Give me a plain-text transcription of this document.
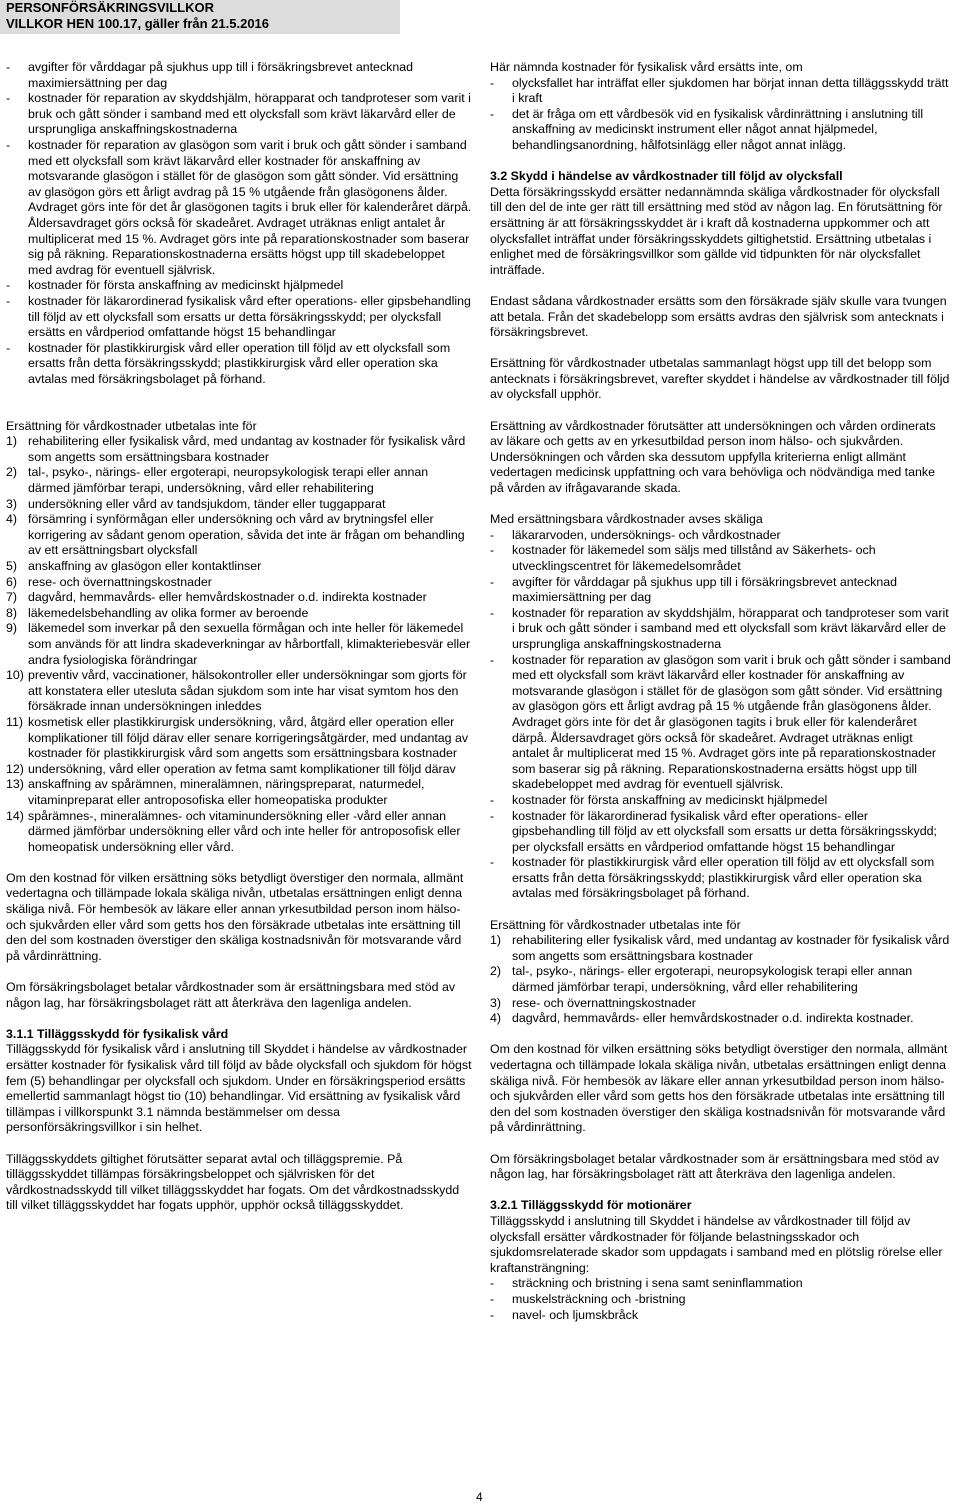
PERSONFÖRSÄKRINGSVILLKOR
VILLKOR HEN 100.17, gäller från 21.5.2016
- avgifter för vårddagar på sjukhus upp till i försäkringsbrevet antecknad maximiersättning per dag
- kostnader för reparation av skyddshjälm, hörapparat och tandproteser som varit i bruk och gått sönder i samband med ett olycksfall som krävt läkarvård eller de ursprungliga anskaffningskostnaderna
- kostnader för reparation av glasögon som varit i bruk och gått sönder i samband med ett olycksfall som krävt läkarvård eller kostnader för anskaffning av motsvarande glasögon i stället för de glasögon som gått sönder. Vid ersättning av glasögon görs ett årligt avdrag på 15 % utgående från glasögonens ålder. Avdraget görs inte för det år glasögonen tagits i bruk eller för kalenderåret därpå. Åldersavdraget görs också för skadeåret. Avdraget uträknas enligt antalet år multiplicerat med 15 %. Avdraget görs inte på reparationskostnader som baserar sig på räkning. Reparationskostnaderna ersätts högst upp till skadebeloppet med avdrag för eventuell självrisk.
- kostnader för första anskaffning av medicinskt hjälpmedel
- kostnader för läkarordinerad fysikalisk vård efter operations- eller gipsbehandling till följd av ett olycksfall som ersatts ur detta försäkringsskydd; per olycksfall ersätts en vårdperiod omfattande högst 15 behandlingar
- kostnader för plastikkirurgisk vård eller operation till följd av ett olycksfall som ersatts från detta försäkringsskydd; plastikkirurgisk vård eller operation ska avtalas med försäkringsbolaget på förhand.
Ersättning för vårdkostnader utbetalas inte för
1) rehabilitering eller fysikalisk vård, med undantag av kostnader för fysikalisk vård som angetts som ersättningsbara kostnader
2) tal-, psyko-, närings- eller ergoterapi, neuropsykologisk terapi eller annan därmed jämförbar terapi, undersökning, vård eller rehabilitering
3) undersökning eller vård av tandsjukdom, tänder eller tuggapparat
4) försämring i synförmågan eller undersökning och vård av brytningsfel eller korrigering av sådant genom operation, såvida det inte är frågan om behandling av ett ersättningsbart olycksfall
5) anskaffning av glasögon eller kontaktlinser
6) rese- och övernattningskostnader
7) dagvård, hemmavårds- eller hemvårdskostnader o.d. indirekta kostnader
8) läkemedelsbehandling av olika former av beroende
9) läkemedel som inverkar på den sexuella förmågan och inte heller för läkemedel som används för att lindra skadeverkningar av hårbortfall, klimakteriebesvär eller andra fysiologiska förändringar
10) preventiv vård, vaccinationer, hälsokontroller eller undersökningar som gjorts för att konstatera eller utesluta sådan sjukdom som inte har visat symtom hos den försäkrade innan undersökningen inleddes
11) kosmetisk eller plastikkirurgisk undersökning, vård, åtgärd eller operation eller komplikationer till följd därav eller senare korrigeringsåtgärder, med undantag av kostnader för plastikkirurgisk vård som angetts som ersättningsbara kostnader
12) undersökning, vård eller operation av fetma samt komplikationer till följd därav
13) anskaffning av spårämnen, mineralämnen, näringspreparat, naturmedel, vitaminpreparat eller antroposofiska eller homeopatiska produkter
14) spårämnes-, mineralämnes- och vitaminundersökning eller -vård eller annan därmed jämförbar undersökning eller vård och inte heller för antroposofisk eller homeopatisk undersökning eller vård.
Om den kostnad för vilken ersättning söks betydligt överstiger den normala, allmänt vedertagna och tillämpade lokala skäliga nivån, utbetalas ersättningen enligt denna skäliga nivå. För hembesök av läkare eller annan yrkesutbildad person inom hälso- och sjukvården eller vård som getts hos den försäkrade utbetalas inte ersättning till den del som kostnaden överstiger den skäliga kostnadsnivån för motsvarande vård på vårdinrättning.
Om försäkringsbolaget betalar vårdkostnader som är ersättningsbara med stöd av någon lag, har försäkringsbolaget rätt att återkräva den lagenliga andelen.
3.1.1 Tilläggsskydd för fysikalisk vård
Tilläggsskydd för fysikalisk vård i anslutning till Skyddet i händelse av vårdkostnader ersätter kostnader för fysikalisk vård till följd av både olycksfall och sjukdom för högst fem (5) behandlingar per olycksfall och sjukdom. Under en försäkringsperiod ersätts emellertid sammanlagt högst tio (10) behandlingar. Vid ersättning av fysikalisk vård tillämpas i villkorspunkt 3.1 nämnda bestämmelser om dessa personförsäkringsvillkor i sin helhet.
Tilläggsskyddets giltighet förutsätter separat avtal och tilläggspremie. På tilläggsskyddet tillämpas försäkringsbeloppet och självrisken för det vårdkostnadsskydd till vilket tilläggsskyddet har fogats. Om det vårdkostnadsskydd till vilket tilläggsskyddet har fogats upphör, upphör också tilläggsskyddet.
Här nämnda kostnader för fysikalisk vård ersätts inte, om
- olycksfallet har inträffat eller sjukdomen har börjat innan detta tilläggsskydd trätt i kraft
- det är fråga om ett vårdbesök vid en fysikalisk vårdinrättning i anslutning till anskaffning av medicinskt instrument eller något annat hjälpmedel, behandlingsanordning, hålfotsinlägg eller något annat inlägg.
3.2 Skydd i händelse av vårdkostnader till följd av olycksfall
Detta försäkringsskydd ersätter nedannämnda skäliga vårdkostnader för olycksfall till den del de inte ger rätt till ersättning med stöd av någon lag. En förutsättning för ersättning är att försäkringsskyddet är i kraft då kostnaderna uppkommer och att olycksfallet inträffat under försäkringsskyddets giltighetstid. Ersättning utbetalas i enlighet med de försäkringsvillkor som gällde vid tidpunkten för när olycksfallet inträffade.
Endast sådana vårdkostnader ersätts som den försäkrade själv skulle vara tvungen att betala. Från det skadebelopp som ersätts avdras den självrisk som antecknats i försäkringsbrevet.
Ersättning för vårdkostnader utbetalas sammanlagt högst upp till det belopp som antecknats i försäkringsbrevet, varefter skyddet i händelse av vårdkostnader till följd av olycksfall upphör.
Ersättning av vårdkostnader förutsätter att undersökningen och vården ordinerats av läkare och getts av en yrkesutbildad person inom hälso- och sjukvården. Undersökningen och vården ska dessutom uppfylla kriterierna enligt allmänt vedertagen medicinsk uppfattning och vara behövliga och nödvändiga med tanke på vården av ifrågavarande skada.
Med ersättningsbara vårdkostnader avses skäliga
- läkararvoden, undersöknings- och vårdkostnader
- kostnader för läkemedel som säljs med tillstånd av Säkerhets- och utvecklingscentret för läkemedelsområdet
- avgifter för vårddagar på sjukhus upp till i försäkringsbrevet antecknad maximiersättning per dag
- kostnader för reparation av skyddshjälm, hörapparat och tandproteser som varit i bruk och gått sönder i samband med ett olycksfall som krävt läkarvård eller de ursprungliga anskaffningskostnaderna
- kostnader för reparation av glasögon som varit i bruk och gått sönder i samband med ett olycksfall som krävt läkarvård eller kostnader för anskaffning av motsvarande glasögon i stället för de glasögon som gått sönder. Vid ersättning av glasögon görs ett årligt avdrag på 15 % utgående från glasögonens ålder. Avdraget görs inte för det år glasögonen tagits i bruk eller för kalenderåret därpå. Åldersavdraget görs också för skadeåret. Avdraget uträknas enligt antalet år multiplicerat med 15 %. Avdraget görs inte på reparationskostnader som baserar sig på räkning. Reparationskostnaderna ersätts högst upp till skadebeloppet med avdrag för eventuell självrisk.
- kostnader för första anskaffning av medicinskt hjälpmedel
- kostnader för läkarordinerad fysikalisk vård efter operations- eller gipsbehandling till följd av ett olycksfall som ersatts ur detta försäkringsskydd; per olycksfall ersätts en vårdperiod omfattande högst 15 behandlingar
- kostnader för plastikkirurgisk vård eller operation till följd av ett olycksfall som ersatts från detta försäkringsskydd; plastikkirurgisk vård eller operation ska avtalas med försäkringsbolaget på förhand.
Ersättning för vårdkostnader utbetalas inte för
1) rehabilitering eller fysikalisk vård, med undantag av kostnader för fysikalisk vård som angetts som ersättningsbara kostnader
2) tal-, psyko-, närings- eller ergoterapi, neuropsykologisk terapi eller annan därmed jämförbar terapi, undersökning, vård eller rehabilitering
3) rese- och övernattningskostnader
4) dagvård, hemmavårds- eller hemvårdskostnader o.d. indirekta kostnader.
Om den kostnad för vilken ersättning söks betydligt överstiger den normala, allmänt vedertagna och tillämpade lokala skäliga nivån, utbetalas ersättningen enligt denna skäliga nivå. För hembesök av läkare eller annan yrkesutbildad person inom hälso- och sjukvården eller vård som getts hos den försäkrade utbetalas inte ersättning till den del som kostnaden överstiger den skäliga kostnadsnivån för motsvarande vård på vårdinrättning.
Om försäkringsbolaget betalar vårdkostnader som är ersättningsbara med stöd av någon lag, har försäkringsbolaget rätt att återkräva den lagenliga andelen.
3.2.1 Tilläggsskydd för motionärer
Tilläggsskydd i anslutning till Skyddet i händelse av vårdkostnader till följd av olycksfall ersätter vårdkostnader för följande belastningsskador och sjukdomsrelaterade skador som uppdagats i samband med en plötslig rörelse eller kraftansträngning:
- sträckning och bristning i sena samt seninflammation
- muskelsträckning och -bristning
- navel- och ljumskbråck
4
